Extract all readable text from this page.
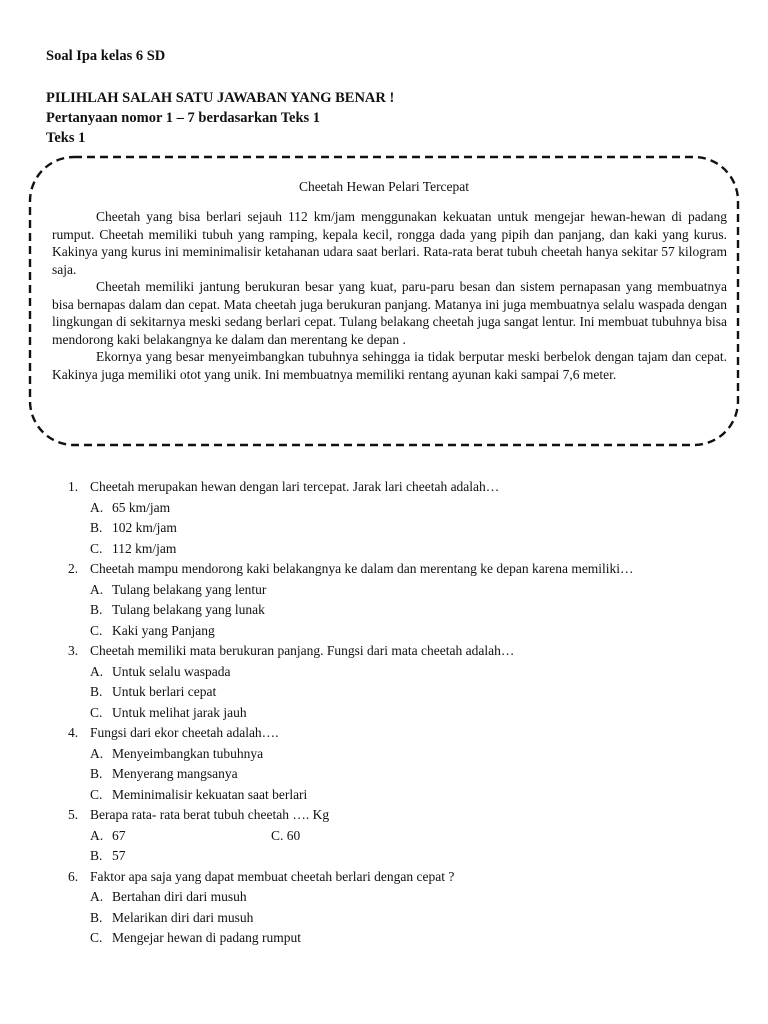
Soal Ipa kelas 6 SD
PILIHLAH SALAH SATU JAWABAN YANG BENAR !
Pertanyaan nomor 1 – 7 berdasarkan Teks 1
Teks 1
Cheetah Hewan Pelari Tercepat

Cheetah yang bisa berlari sejauh 112 km/jam menggunakan kekuatan untuk mengejar hewan-hewan di padang rumput. Cheetah memiliki tubuh yang ramping, kepala kecil, rongga dada yang pipih dan panjang, dan kaki yang kurus. Kakinya yang kurus ini meminimalisir ketahanan udara saat berlari. Rata-rata berat tubuh cheetah hanya sekitar 57 kilogram saja.

Cheetah memiliki jantung berukuran besar yang kuat, paru-paru besan dan sistem pernapasan yang membuatnya bisa bernapas dalam dan cepat. Mata cheetah juga berukuran panjang. Matanya ini juga membuatnya selalu waspada dengan lingkungan di sekitarnya meski sedang berlari cepat. Tulang belakang cheetah juga sangat lentur. Ini membuat tubuhnya bisa mendorong kaki belakangnya ke dalam dan merentang ke depan .

Ekornya yang besar menyeimbangkan tubuhnya sehingga ia tidak berputar meski berbelok dengan tajam dan cepat. Kakinya juga memiliki otot yang unik. Ini membuatnya memiliki rentang ayunan kaki sampai 7,6 meter.

1. Cheetah merupakan hewan dengan lari tercepat. Jarak lari cheetah adalah…
A. 65 km/jam
B. 102 km/jam
C. 112 km/jam
2. Cheetah mampu mendorong kaki belakangnya ke dalam dan merentang ke depan karena memiliki…
A. Tulang belakang yang lentur
B. Tulang belakang yang lunak
C. Kaki yang Panjang
3. Cheetah memiliki mata berukuran panjang. Fungsi dari mata cheetah adalah…
A. Untuk selalu waspada
B. Untuk berlari cepat
C. Untuk melihat jarak jauh
4. Fungsi dari ekor cheetah adalah….
A. Menyeimbangkan tubuhnya
B. Menyerang mangsanya
C. Meminimalisir kekuatan saat berlari
5. Berapa rata- rata berat tubuh cheetah …. Kg
A. 67	C. 60
B. 57
6. Faktor apa saja yang dapat membuat cheetah berlari dengan cepat ?
A. Bertahan diri dari musuh
B. Melarikan diri dari musuh
C. Mengejar hewan di padang rumput
